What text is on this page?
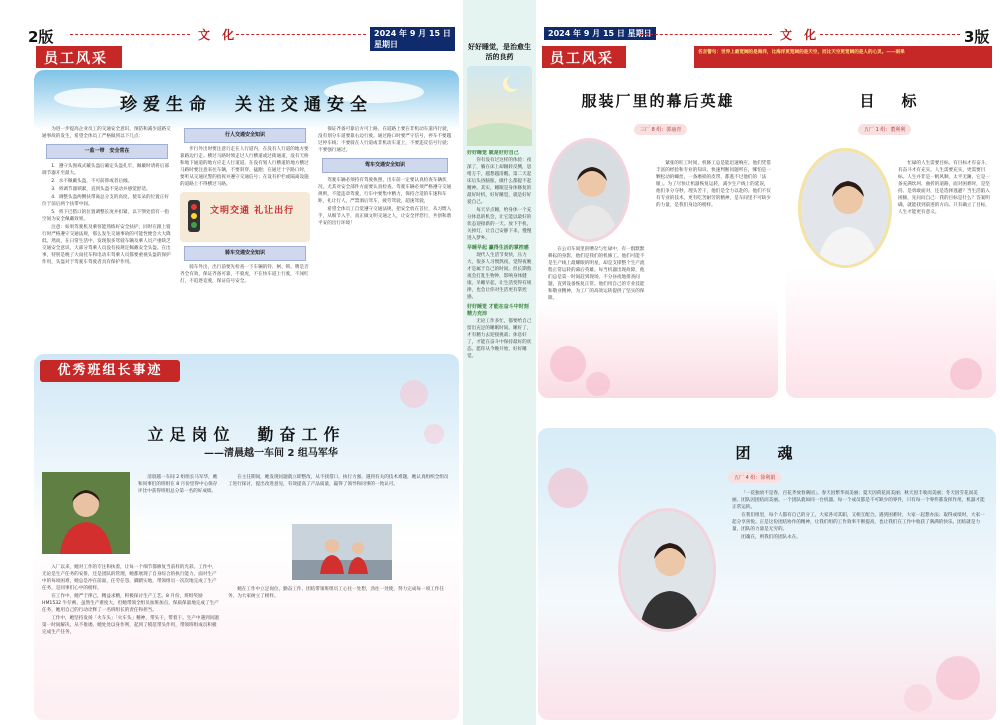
2版	文 化	2024 年 9 月 15 日 星期日
员工风采
珍爱生命　关注交通安全

为进一步提高企业员工的交通安全意识，预防和减少道路交通事故的发生，希望全体员工严格做到以下几点：

一监一带　安全常在

1．遵守头围戒式戴头盔后确定头盔扎牢，佩戴时请将后部调节器开至最大。

2．水不佩戴头盔，不可前仰或者后倾。

3．将调节器锁紧，直到头盔不晃动并感觉舒适。

4．调整头盔两侧扶带离总分支的高度，使耳朵的位置正好位于前后两个扶带中间。

5．将下巴搭口的位置调整长度并扣紧，以下颚处留有一指空间为安全佩戴效果。

注意：如果驾驶机及乘客能熟练好安全扶护，同时在跟上骑行时严格遵守交通法规，那么发生交通事故的可能性便会大大降低。然而，在日常生活中，发现很多驾驶车辆及乘人员产重缺乏交通安全意识，大部分驾乘人员没有按规定佩戴安全头盔。在出事，特别是晚了大雨托车和电动车驾乘人员都要重视头盔的保护作用，头盔对于驾驶车驾驶者具有保护作用。

行人交通安全知识

步行外出时要注意行走在人行道内，在没有人行道的地方要靠路边行走。横过马路时须走过人行横道或过街通道，没有天桥和地下通道的地方应走人行道道。在没有划人行横道的地方横过马路时要注意来往车辆，不要斜穿、猛跑；在通过十字路口时，要听从交通民警的指挥并遵守交通信号；在设有护栏或隔离设施的道路上不得横过马路。

文明交通 礼让出行
骑车交通安全知识

骑车外出，出行前要先检查一下车辆的铃、闸、锁、牌是否齐全有效，保证齐备可靠，不骑虎，不在快车道上行驶，不闯红灯，不追逐竞驶，保证信号安全。

保证齐备可靠后方可上路。在道路上要在非机动车道内行驶，没有划分车道要靠右边行驶。通过路口时要严守信号，停车不要越过停车线；不要骑在人行道或非机动车道上，不要违反信号行驶；不要强行通过。

驾车交通安全知识

驾驶车辆必须持有驾驶执照，出车前一定要认真检查车辆状况，尤其对安全部件方面要认真检查。驾驶车辆必须严格遵守交通规则，不能违章驾驶，行车中要集中精力，保持合适的车速和车距，礼让行人，严禁酒后驾车，疲劳驾驶，超速驾驶。

希望全体员工自觉遵守交通法规，把安全放在首位，从习惯入手，从细节入手，真正做文明交通之人，让安全伴您行，共创和谐平安的出行环境！

优秀班组长事迹
立足岗位　勤奋工作
——清晨越一车间 2 组马军华

清晨越一车间 2 组组长马军华，她和同事们的班组在 8 月份里得中心保存评比中获得班组总分第一名的好成绩。

入厂以来，她对工作的专注和执着，让每一个细节都修复当前样的光彩。工作中，无论是生产任务的安排，还是团队的管理，她都展现了自身综合的执行能力。面对生产中的每项困难，她总是冲在前面，任劳任怨，脚踏实地，带领组员一次次地完成了生产任务，是同事们心中的榜样。

在工作中，她严于律己，精益求精，积极探讨生产工艺。8 月份，班组奖励 HM1532 牛仔裤，虽然生产难度大，但她带领全组员加班加点，保质保量地完成了生产任务，她用自己的行动诠释了一名班组长的责任和担当。

工作中，她坚持发扬「火车头」「火车头」精神，带头干，带着干。生产中遇到问题第一时间解决，从不推诿。她处处以身作则，起到了模范带头作用，带领班组成员积极完成生产任务，

在主任期间，她发现问题就立即整改，从不找借口，执行力强。遇到有关的技术难题，她认真组织全组员工进行探讨，提出改进意见，有效提高了产品质量，赢得了领导和同事的一致认可。

她在工作中立足岗位，勤奋工作，团结带领班组员工心往一处想，劲往一处使，努力完成每一项工作任务，为大家树立了榜样。

好好睡觉，是治愈生活的良药
好好睡觉 就是好好自己

你有没有过这样的体验：夜深了，躺在床上却辗转反侧，思绪万千，越想越清醒。第二天起床后头昏脑胀，做什么都提不起精神。其实，睡眠是身体修复的最好时机，好好睡觉，就是好好爱自己。

每天早点睡，给身体一个充分休息的机会，让它能以最好的状态迎接新的一天。放下手机，关掉灯，让自己安静下来，慢慢进入梦乡。

早睡早起 赢得生活的掌控感

现代人生活节奏快，压力大，很多人习惯熬夜，觉得夜晚才是属于自己的时间。但长期熬夜会打乱生物钟，影响身体健康。早睡早起，让生活变得有规律，也会让你对生活更有掌控感。

好好睡觉 才能在奋斗中时刻精力充沛

无论工作多忙，都要给自己留出充足的睡眠时间。睡好了，才有精力去迎接挑战；休息好了，才能在奋斗中保持最好的状态。愿你从今晚开始，好好睡觉。

2024 年 9 月 15 日 星期日	文 化	3版
员工风采	名言警句：世界上最宽阔的是海洋，比海洋更宽阔的是天空，而比天空更宽阔的是人的心灵。——雨果
服装厂里的幕后英雄
三厂 8 组：郭丽青

在公司车间里的嘈杂与忙碌中，有一群默默耕耘的身影，他们是我们的机修工。他们可能不是生产线上最耀眼的明星，却是支撑整个生产流程正常运转的幕后英雄。每当机器出现故障，他们总是第一时间赶到现场，不分昼夜地排查问题，直到设备恢复正常。他们用自己的专业技能和敬业精神，为工厂的高效运转提供了坚实的保障。

紧张的旺工时间，机修工总是能迅速响应。他们凭借丰富的经验和专业的知识，快速判断问题所在，哪怕是一颗松动的螺丝，一条磨损的皮带，都逃不过他们的「法眼」。为了尽快让机器恢复运转，减少生产线上的延误，他们争分夺秒，埋头苦干，他们是全力以赴的。他们不仅有专业的技术，更有吃苦耐劳的精神，是车间里不可缺少的力量，是我们身边的榜样。

目　标
五厂 1 组：董利利

忙碌的人生需要目标，有目标才有奋斗，有奋斗才有充实。人生需要充实，更需要目标。人生并非是一帆风顺，太平无澜，它是一条充满坎坷、曲折的道路，面对困难时，是坚持、是勇敢面对，还是选择逃避？当生活陷入困顿，先问问自己：我的目标是什么？答案明确，就能找到前进的方向。只有确立了目标，人生才能更有意义。

团　魂
五厂 4 组：徐利娟

「一花独放不是春，百花齐放春满园」。春天因繁华而美丽；夏天因荷花而美丽；秋天因丰收而美丽；冬天因雪花而美丽。团队因团结而美丽。一个团队就如同一台机器，每一个成员都是不可缺少的零件，只有每一个零件都发挥作用，机器才能正常运转。

在我们组里，每个人都有自己的分工，大家各司其职，又相互配合。遇到困难时，大家一起想办法；取得成绩时，大家一起分享喜悦。正是这份团结协作的精神，让我们组的工作效率不断提高，也让我们在工作中收获了满满的快乐。团结就是力量，团队的力量是无穷的。

团魂在，则我们的团队永在。
